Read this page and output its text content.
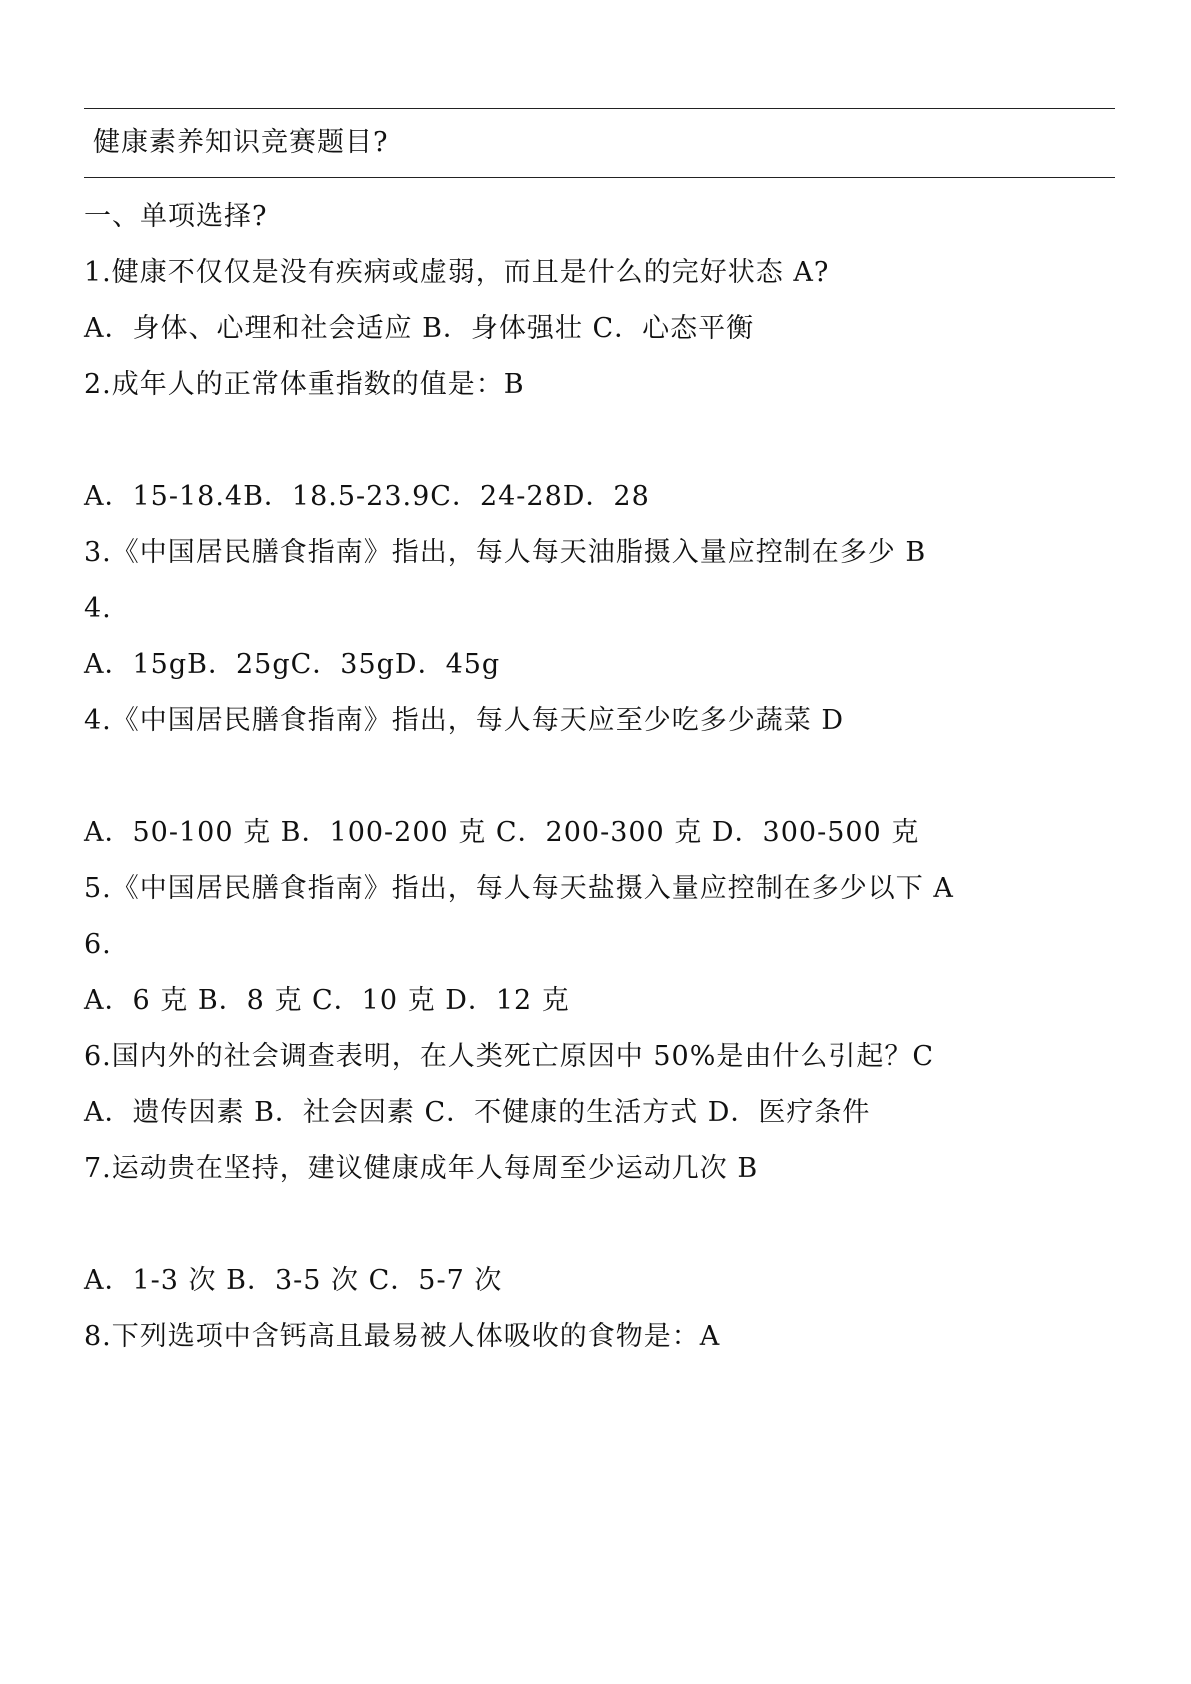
健康素养知识竞赛题目?
一、单项选择?
1.健康不仅仅是没有疾病或虚弱，而且是什么的完好状态 A?
A．身体、心理和社会适应 B．身体强壮 C．心态平衡
2.成年人的正常体重指数的值是：B
A．15-18.4B．18.5-23.9C．24-28D．28
3.《中国居民膳食指南》指出，每人每天油脂摄入量应控制在多少 B
4.
A．15gB．25gC．35gD．45g
4.《中国居民膳食指南》指出，每人每天应至少吃多少蔬菜 D
A．50-100 克 B．100-200 克 C．200-300 克 D．300-500 克
5.《中国居民膳食指南》指出，每人每天盐摄入量应控制在多少以下 A
6.
A．6 克 B．8 克 C．10 克 D．12 克
6.国内外的社会调查表明，在人类死亡原因中 50%是由什么引起？C
A．遗传因素 B．社会因素 C．不健康的生活方式 D．医疗条件
7.运动贵在坚持，建议健康成年人每周至少运动几次 B
A．1-3 次 B．3-5 次 C．5-7 次
8.下列选项中含钙高且最易被人体吸收的食物是：A
